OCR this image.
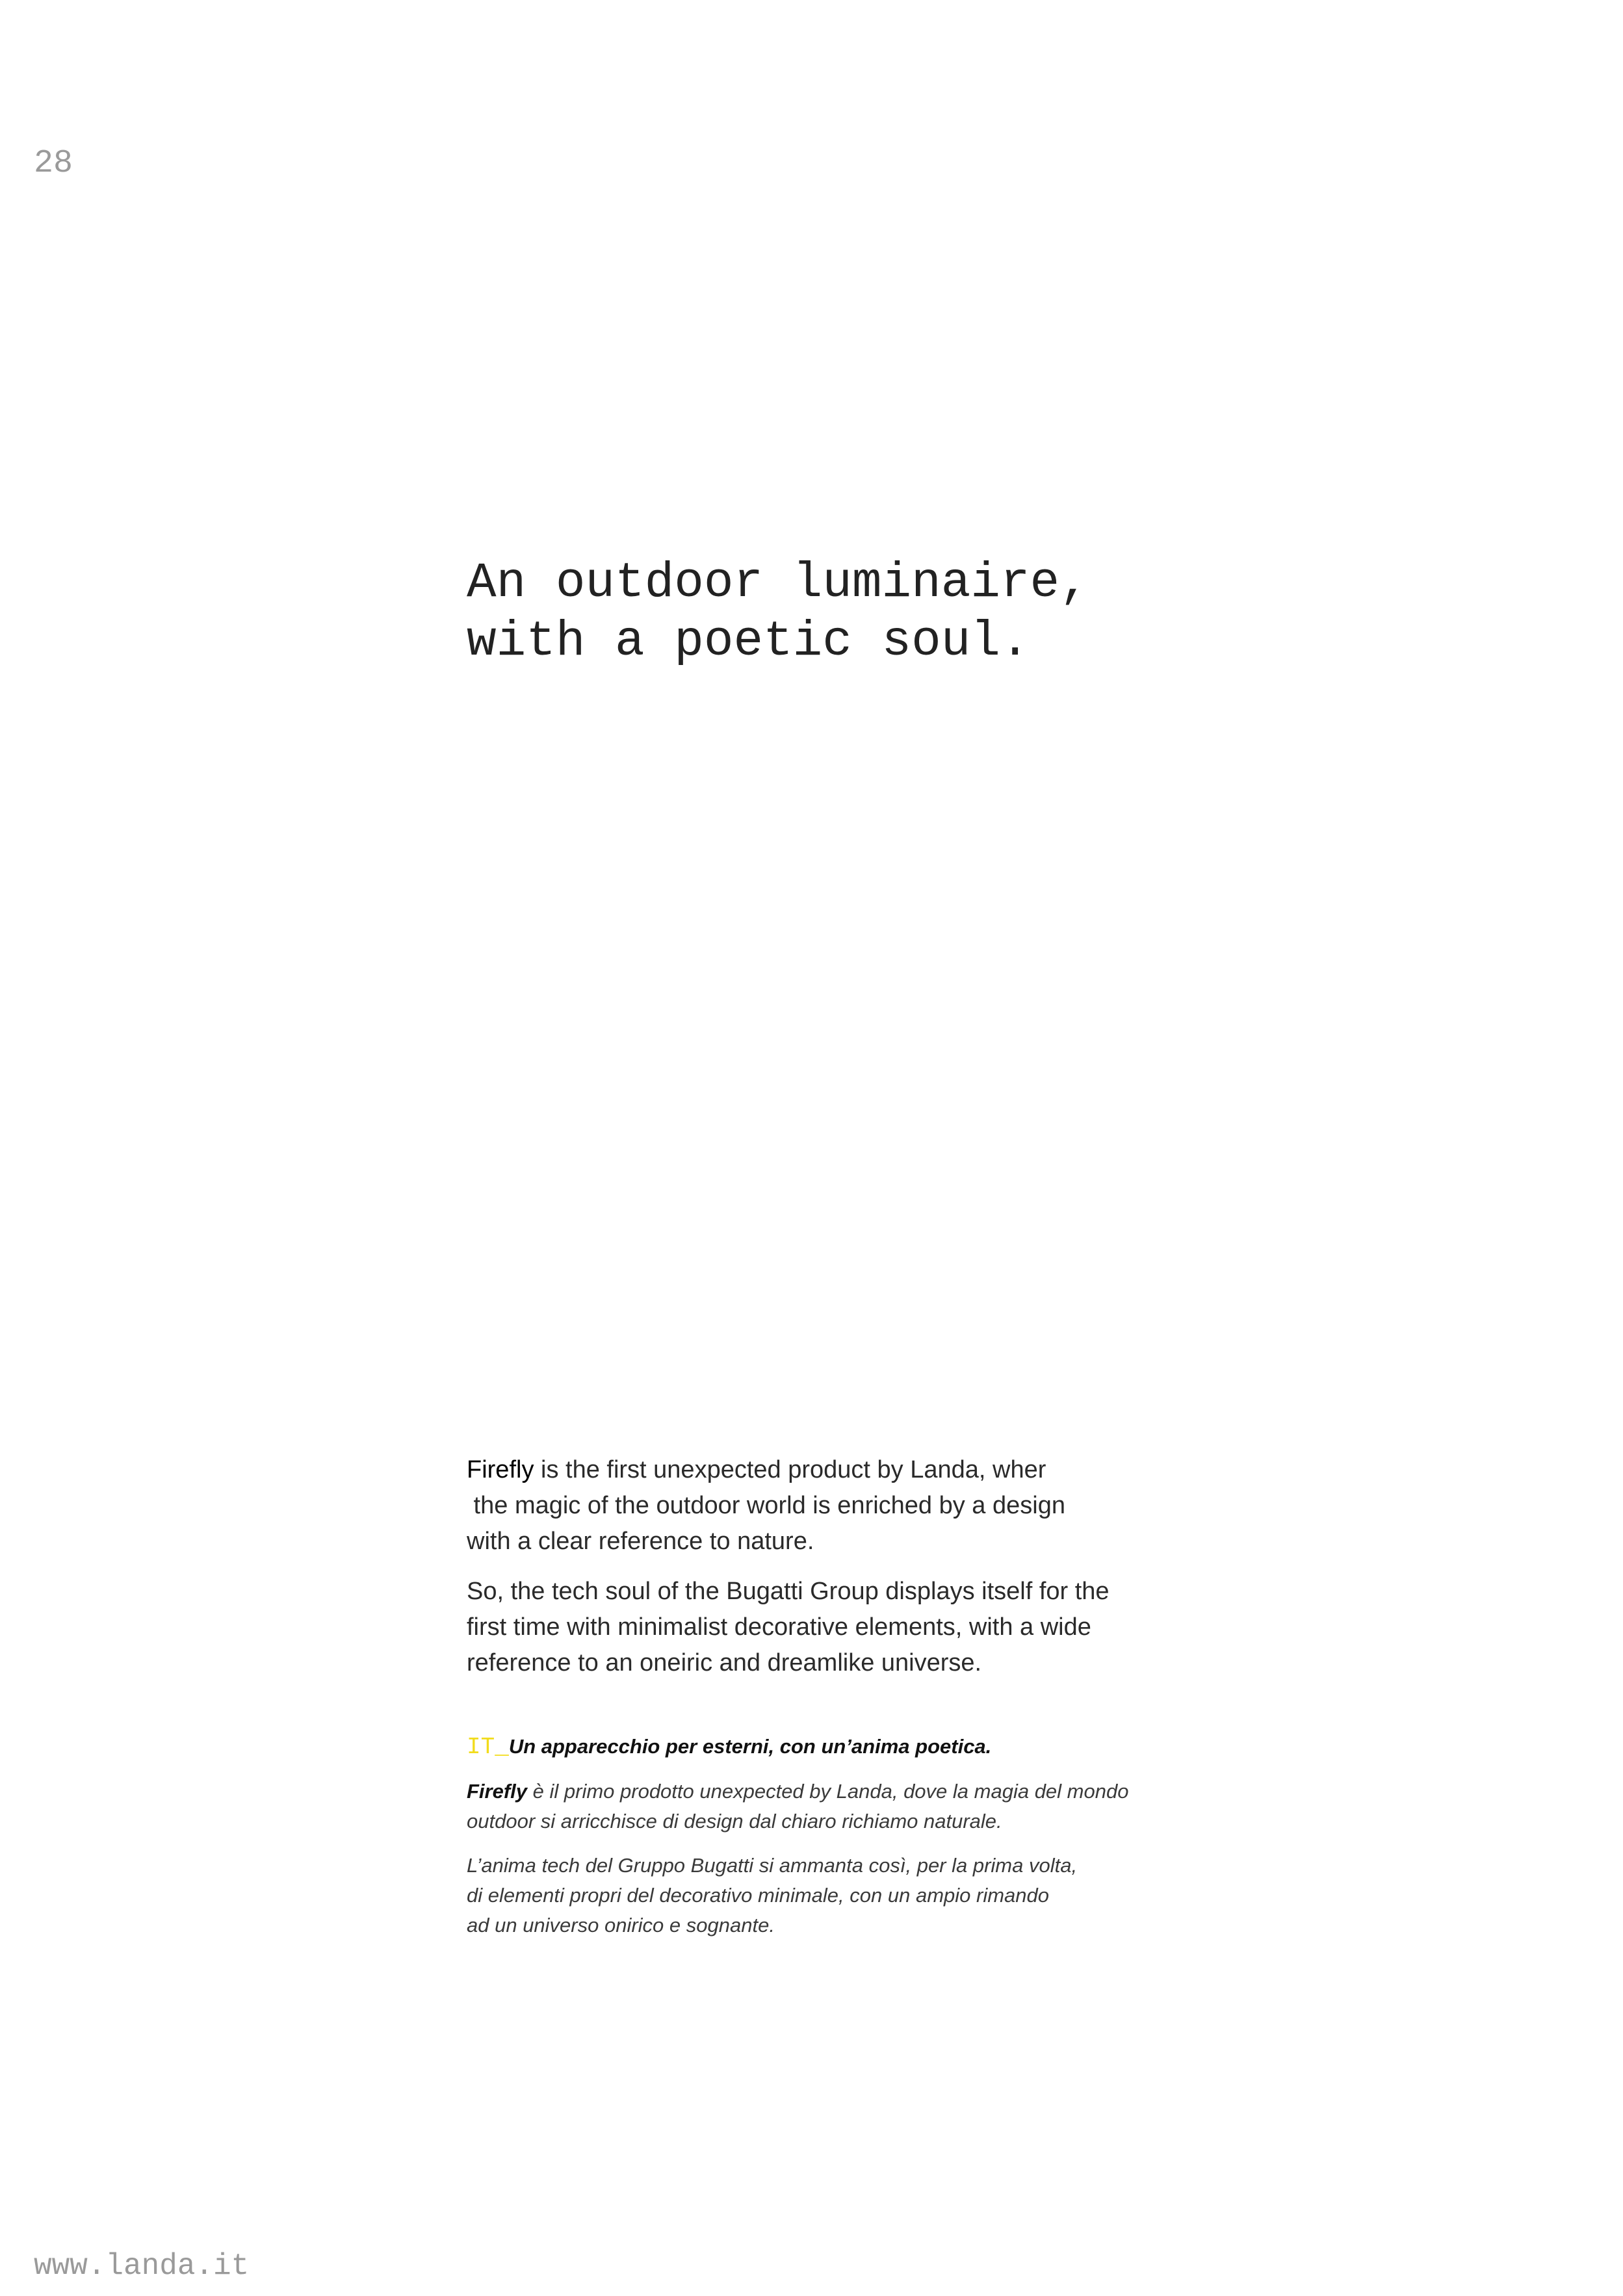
28
An outdoor luminaire,
with a poetic soul.

Firefly is the first unexpected product by Landa, wher
the magic of the outdoor world is enriched by a design
with a clear reference to nature.

So, the tech soul of the Bugatti Group displays itself for the
first time with minimalist decorative elements, with a wide
reference to an oneiric and dreamlike universe.

IT_Un apparecchio per esterni, con un’anima poetica.

Firefly è il primo prodotto unexpected by Landa, dove la magia del mondo
outdoor si arricchisce di design dal chiaro richiamo naturale.

L’anima tech del Gruppo Bugatti si ammanta così, per la prima volta,
di elementi propri del decorativo minimale, con un ampio rimando
ad un universo onirico e sognante.

www.landa.it
